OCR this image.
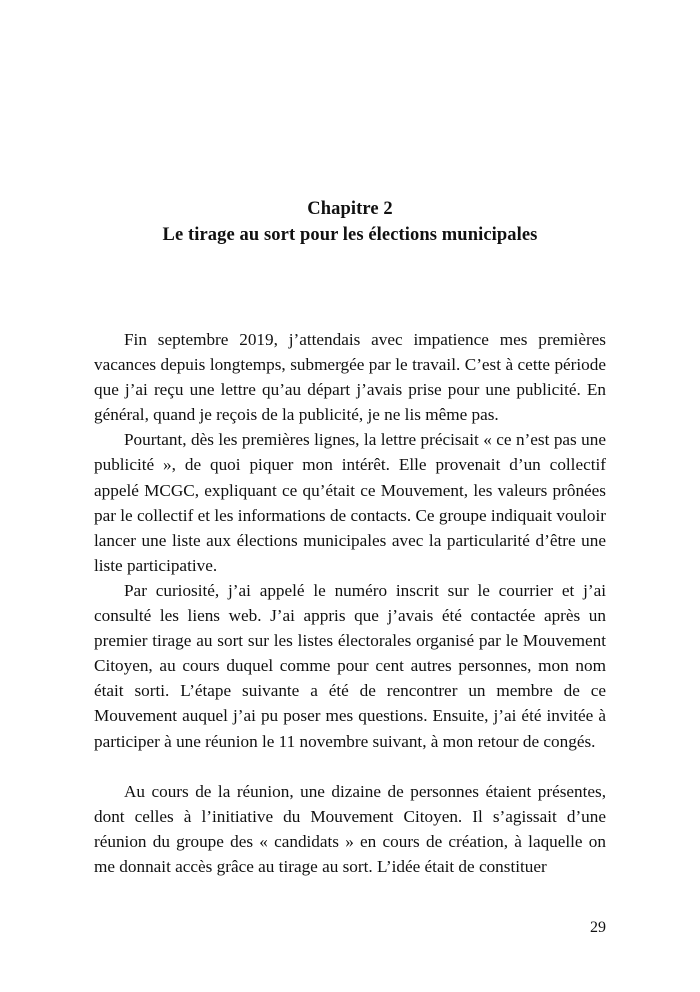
Chapitre 2
Le tirage au sort pour les élections municipales

Fin septembre 2019, j’attendais avec impatience mes premières vacances depuis longtemps, submergée par le travail. C’est à cette période que j’ai reçu une lettre qu’au départ j’avais prise pour une publicité. En général, quand je reçois de la publicité, je ne lis même pas.

Pourtant, dès les premières lignes, la lettre précisait « ce n’est pas une publicité », de quoi piquer mon intérêt. Elle provenait d’un collectif appelé MCGC, expliquant ce qu’était ce Mouvement, les valeurs prônées par le collectif et les informations de contacts. Ce groupe indiquait vouloir lancer une liste aux élections municipales avec la particularité d’être une liste participative.

Par curiosité, j’ai appelé le numéro inscrit sur le courrier et j’ai consulté les liens web. J’ai appris que j’avais été contactée après un premier tirage au sort sur les listes électorales organisé par le Mouvement Citoyen, au cours duquel comme pour cent autres personnes, mon nom était sorti. L’étape suivante a été de rencontrer un membre de ce Mouvement auquel j’ai pu poser mes questions. Ensuite, j’ai été invitée à participer à une réunion le 11 novembre suivant, à mon retour de congés.

Au cours de la réunion, une dizaine de personnes étaient présentes, dont celles à l’initiative du Mouvement Citoyen. Il s’agissait d’une réunion du groupe des « candidats » en cours de création, à laquelle on me donnait accès grâce au tirage au sort. L’idée était de constituer

29
